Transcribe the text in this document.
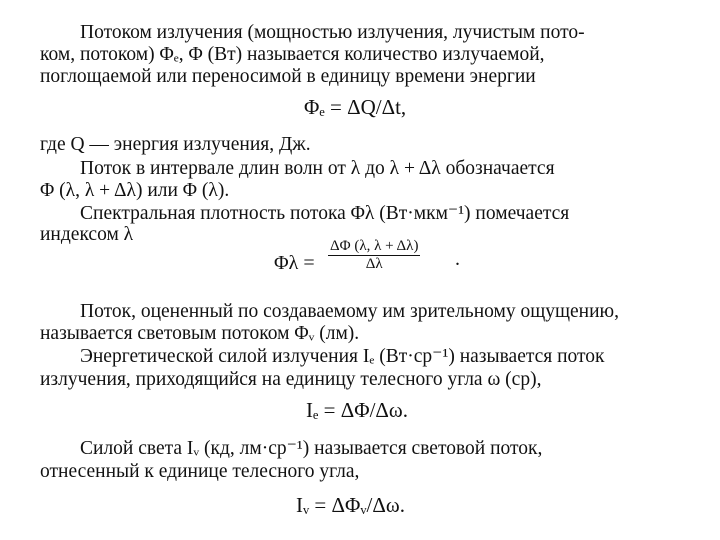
Потоком излучения (мощностью излучения, лучистым пото-
ком, потоком) Φₑ, Φ (Вт) называется количество излучаемой,
поглощаемой или переносимой в единицу времени энергии
Φₑ = ΔQ/Δt,
где Q — энергия излучения, Дж.
Поток в интервале длин волн от λ до λ + Δλ обозначается
Φ (λ, λ + Δλ) или Φ (λ).
Спектральная плотность потока Φλ (Вт·мкм⁻¹) помечается
индексом λ
$\Phi\lambda = \frac{\Delta\Phi (\lambda, \lambda + \Delta\lambda)}{\Delta\lambda}$ .
Поток, оцененный по создаваемому им зрительному ощущению,
называется световым потоком Φᵥ (лм).
Энергетической силой излучения Iₑ (Вт·ср⁻¹) называется поток
излучения, приходящийся на единицу телесного угла ω (ср),
Iₑ = ΔΦ/Δω.
Силой света Iᵥ (кд, лм·ср⁻¹) называется световой поток,
отнесенный к единице телесного угла,
Iᵥ = ΔΦᵥ/Δω.
